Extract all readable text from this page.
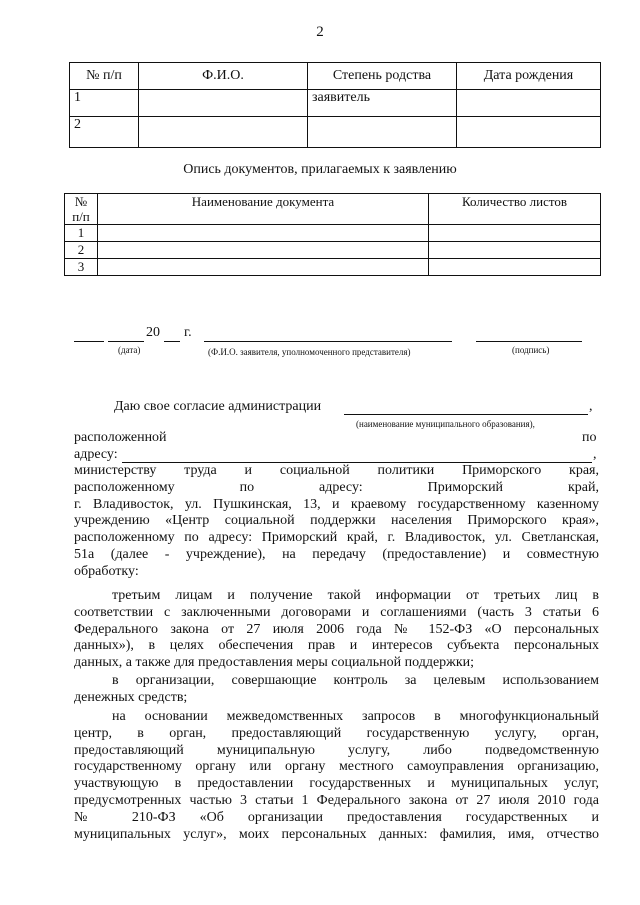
2
№ п/п	Ф.И.О.	Степень родства	Дата рождения
1		заявитель	
2			
Опись документов, прилагаемых к заявлению
№
п/п	Наименование документа	Количество листов
1		
2		
3		
20 г.
(дата)	(Ф.И.О. заявителя, уполномоченного представителя)	(подпись)
Даю свое согласие администрации	,
(наименование муниципального образования),
расположенной	по
адресу:	,
министерству труда и социальной политики Приморского края,
расположенному по адресу: Приморский край,
г. Владивосток, ул. Пушкинская, 13, и краевому государственному казенному
учреждению «Центр социальной поддержки населения Приморского края»,
расположенному по адресу: Приморский край, г. Владивосток, ул. Светланская,
51а (далее - учреждение), на передачу (предоставление) и совместную
обработку:
третьим лицам и получение такой информации от третьих лиц в
соответствии с заключенными договорами и соглашениями (часть 3 статьи 6
Федерального закона от 27 июля 2006 года № 152-ФЗ «О персональных
данных»), в целях обеспечения прав и интересов субъекта персональных
данных, а также для предоставления меры социальной поддержки;
в организации, совершающие контроль за целевым использованием
денежных средств;
на основании межведомственных запросов в многофункциональный
центр, в орган, предоставляющий государственную услугу, орган,
предоставляющий муниципальную услугу, либо подведомственную
государственному органу или органу местного самоуправления организацию,
участвующую в предоставлении государственных и муниципальных услуг,
предусмотренных частью 3 статьи 1 Федерального закона от 27 июля 2010 года
№ 210-ФЗ «Об организации предоставления государственных и
муниципальных услуг», моих персональных данных: фамилия, имя, отчество
